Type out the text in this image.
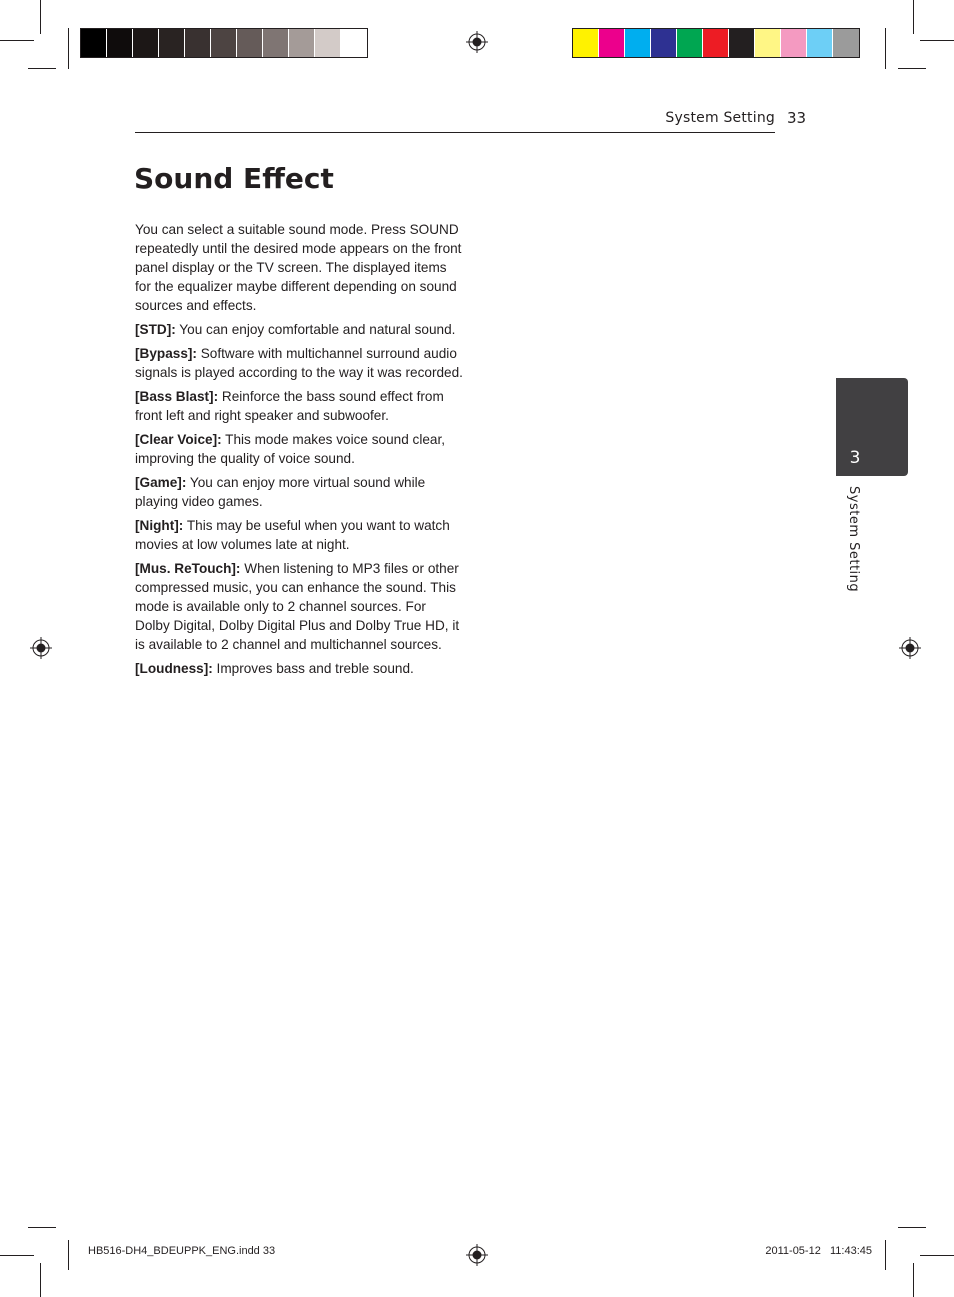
System Setting 33
Sound Effect

You can select a suitable sound mode. Press SOUND repeatedly until the desired mode appears on the front panel display or the TV screen. The displayed items for the equalizer maybe different depending on sound sources and effects.

[STD]: You can enjoy comfortable and natural sound.

[Bypass]: Software with multichannel surround audio signals is played according to the way it was recorded.

[Bass Blast]: Reinforce the bass sound effect from front left and right speaker and subwoofer.

[Clear Voice]: This mode makes voice sound clear, improving the quality of voice sound.

[Game]: You can enjoy more virtual sound while playing video games.

[Night]: This may be useful when you want to watch movies at low volumes late at night.

[Mus. ReTouch]: When listening to MP3 files or other compressed music, you can enhance the sound. This mode is available only to 2 channel sources. For Dolby Digital, Dolby Digital Plus and Dolby True HD, it is available to 2 channel and multichannel sources.

[Loudness]: Improves bass and treble sound.

3
System Setting
HB516-DH4_BDEUPPK_ENG.indd 33	2011-05-12   11:43:45
